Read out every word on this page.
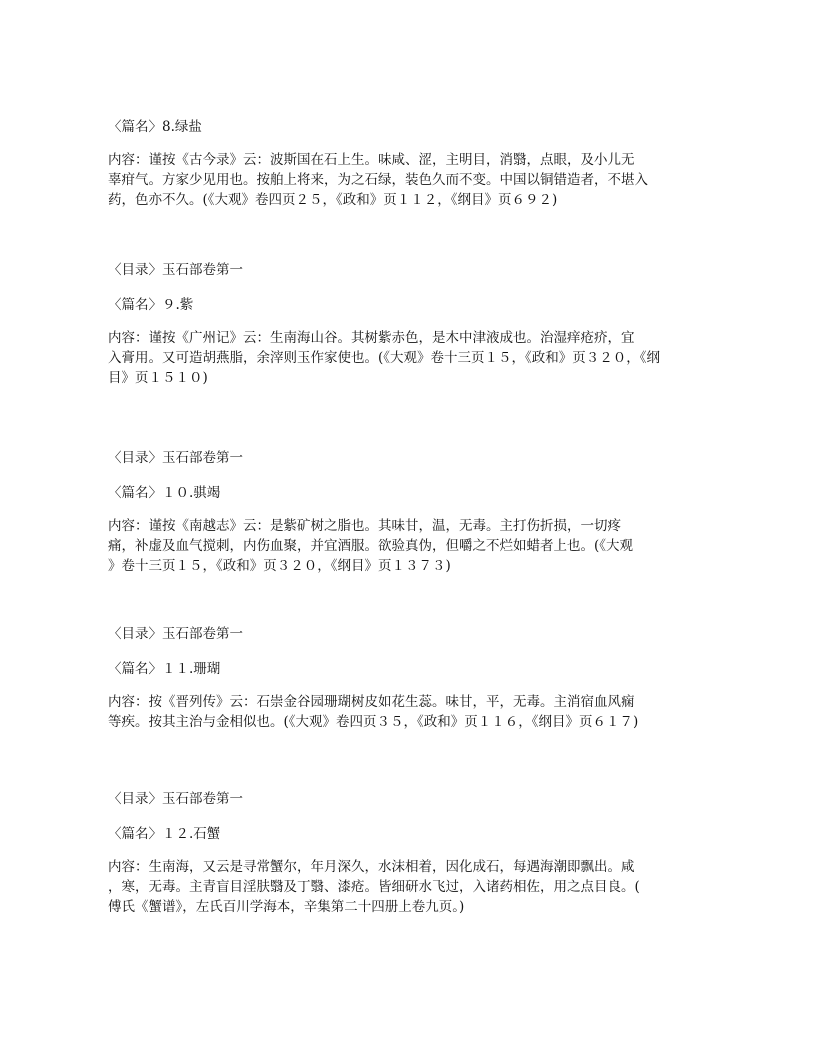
〈篇名〉8.绿盐
内容：谨按《古今录》云：波斯国在石上生。味咸、涩，主明目，消翳，点眼，及小儿无
辜疳气。方家少见用也。按舶上将来，为之石绿，装色久而不变。中国以铜错造者，不堪入
药，色亦不久。(《大观》卷四页２５，《政和》页１１２，《纲目》页６９２)
〈目录〉玉石部卷第一
〈篇名〉９.紫
内容：谨按《广州记》云：生南海山谷。其树紫赤色，是木中津液成也。治湿痒疮疥，宜
入膏用。又可造胡燕脂，余滓则玉作家使也。(《大观》卷十三页１５，《政和》页３２０，《纲
目》页１５１０)
〈目录〉玉石部卷第一
〈篇名〉１０.骐竭
内容：谨按《南越志》云：是紫矿树之脂也。其味甘，温，无毒。主打伤折损，一切疼
痛，补虚及血气搅刺，内伤血聚，并宜酒服。欲验真伪，但嚼之不烂如蜡者上也。(《大观
》卷十三页１５，《政和》页３２０，《纲目》页１３７３)
〈目录〉玉石部卷第一
〈篇名〉１１.珊瑚
内容：按《晋列传》云：石崇金谷园珊瑚树皮如花生蕊。味甘，平，无毒。主消宿血风痫
等疾。按其主治与金相似也。(《大观》卷四页３５，《政和》页１１６，《纲目》页６１７)
〈目录〉玉石部卷第一
〈篇名〉１２.石蟹
内容：生南海，又云是寻常蟹尔，年月深久，水沫相着，因化成石，每遇海潮即飘出。咸
，寒，无毒。主青盲目淫肤翳及丁翳、漆疮。皆细研水飞过，入诸药相佐，用之点目良。(
傅氏《蟹谱》，左氏百川学海本，辛集第二十四册上卷九页。)
